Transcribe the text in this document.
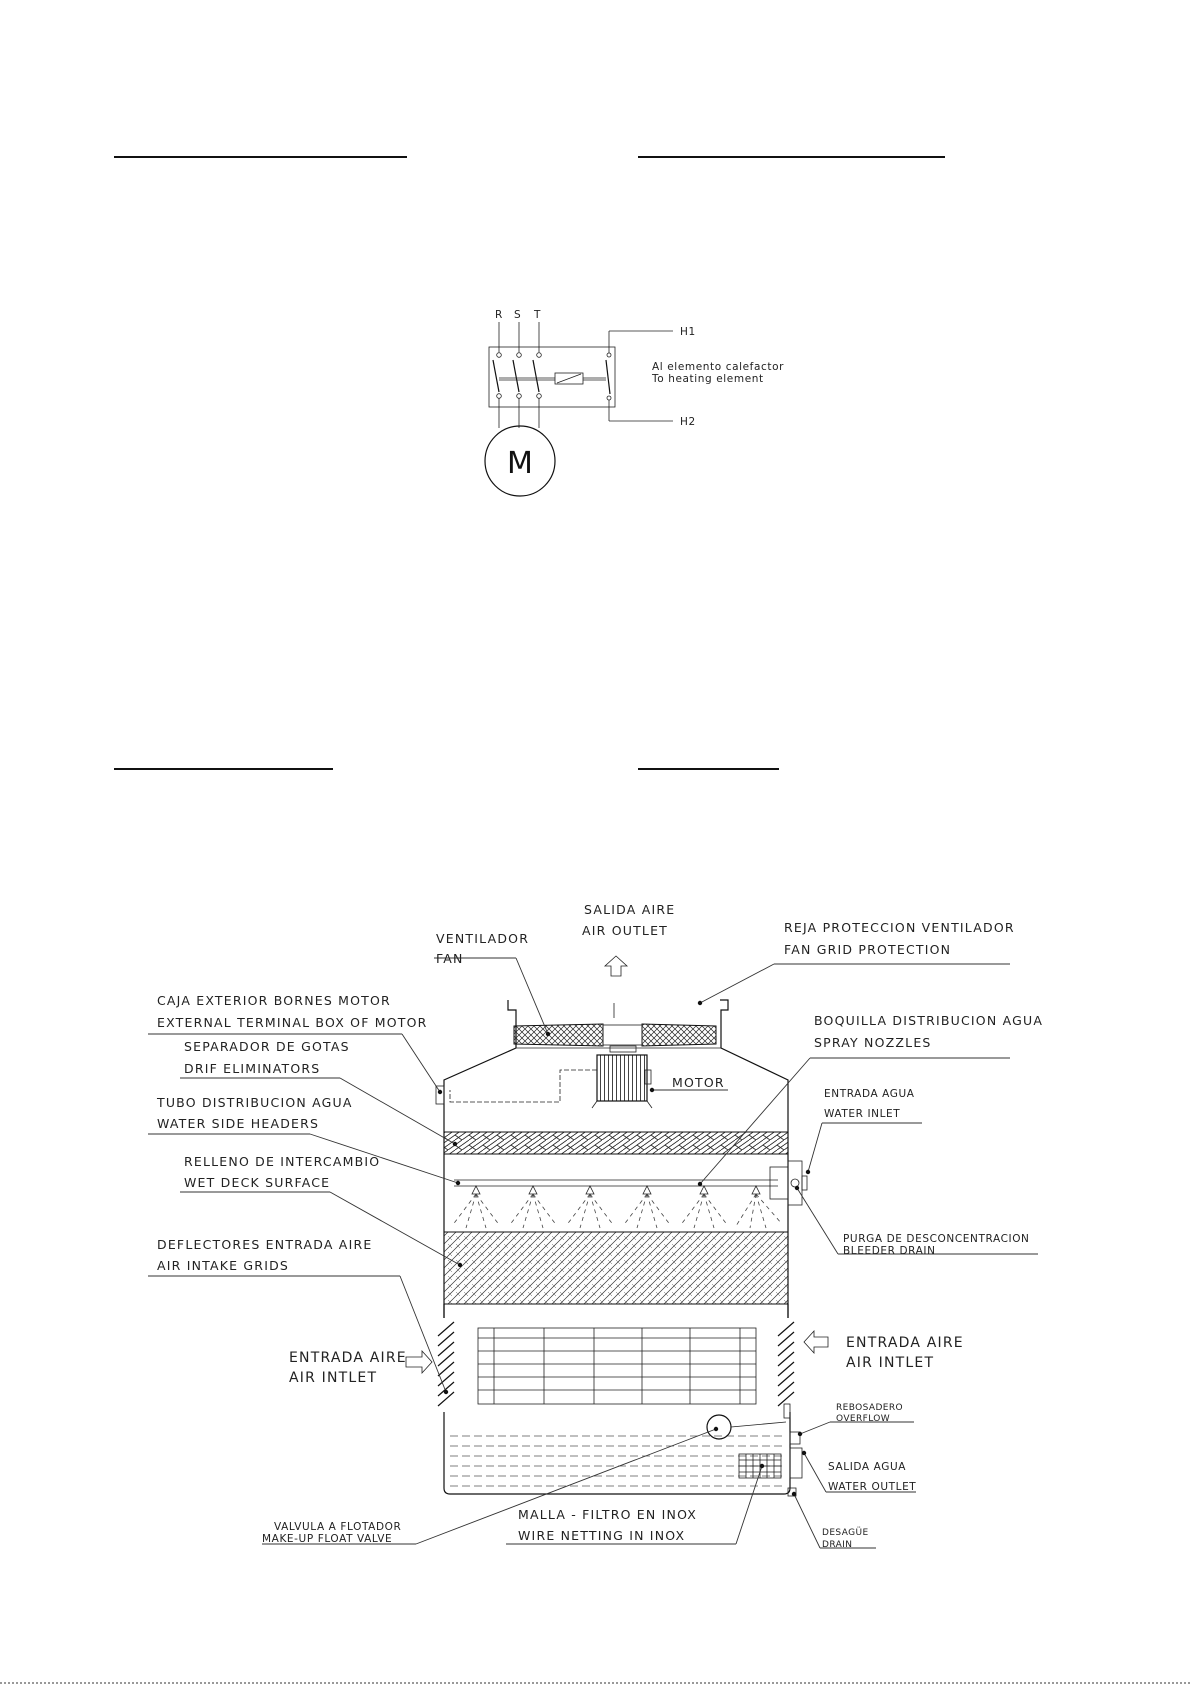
R S T
H1
H2
Al elemento calefactor
To heating element
M
SALIDA AIRE
AIR OUTLET
VENTILADOR
FAN
REJA PROTECCION VENTILADOR
FAN GRID PROTECTION
CAJA EXTERIOR BORNES MOTOR
EXTERNAL TERMINAL BOX OF MOTOR	BOQUILLA DISTRIBUCION AGUA
SPRAY NOZZLES
SEPARADOR DE GOTAS
DRIF ELIMINATORS
MOTOR
ENTRADA AGUA
WATER INLET
TUBO DISTRIBUCION AGUA
WATER SIDE HEADERS
RELLENO DE INTERCAMBIO
WET DECK SURFACE
PURGA DE DESCONCENTRACION
BLEEDER DRAIN
DEFLECTORES ENTRADA AIRE
AIR INTAKE GRIDS
ENTRADA AIRE
AIR INTLET
ENTRADA AIRE
AIR INTLET
REBOSADERO
OVERFLOW
SALIDA AGUA
WATER OUTLET
VALVULA A FLOTADOR
MAKE-UP FLOAT VALVE
MALLA - FILTRO EN INOX
WIRE NETTING IN INOX	DESAGÜE
DRAIN
